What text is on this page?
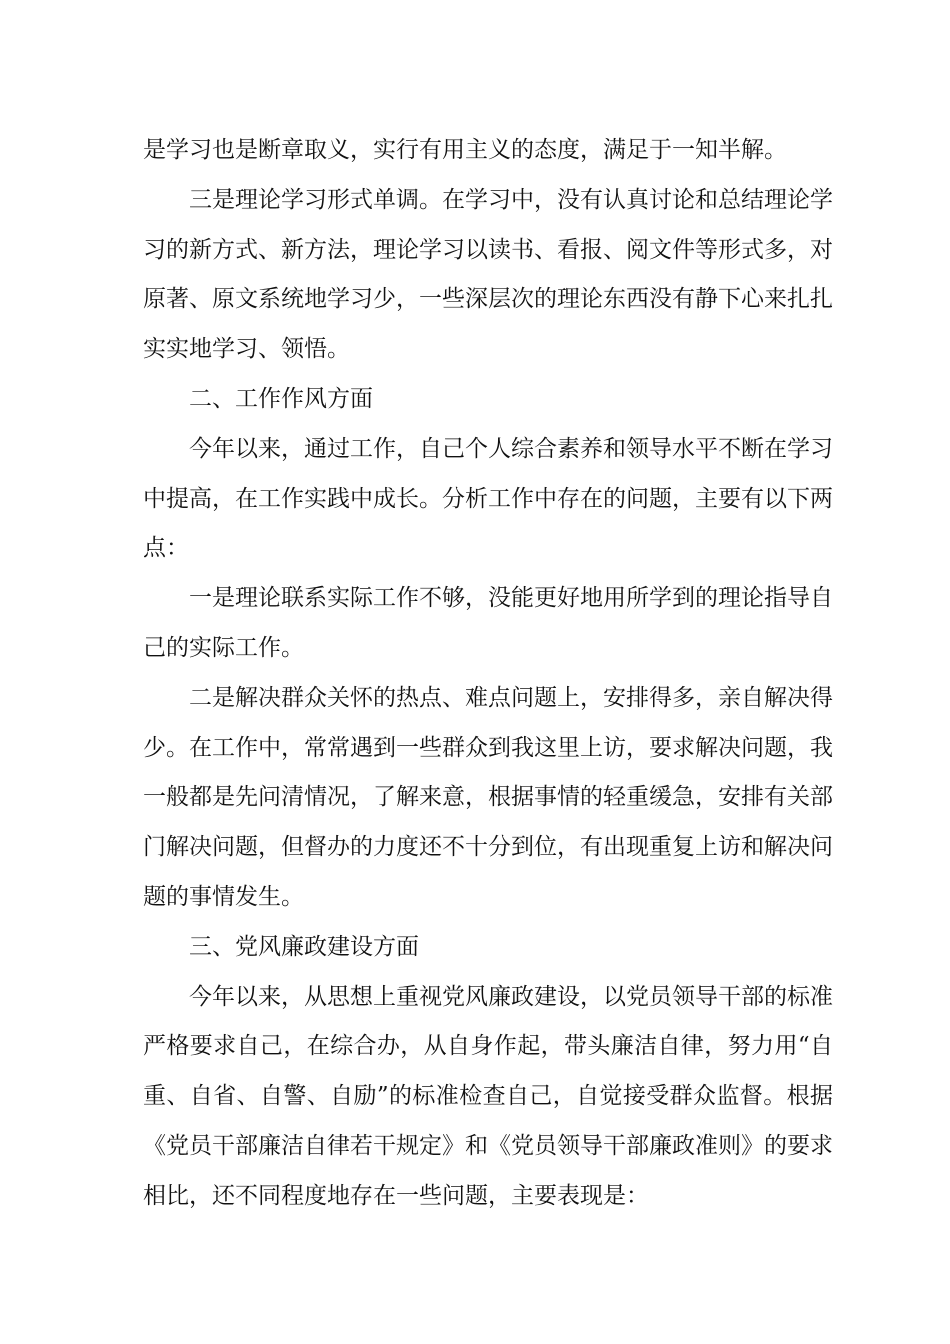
是学习也是断章取义，实行有用主义的态度，满足于一知半解。

三是理论学习形式单调。在学习中，没有认真讨论和总结理论学习的新方式、新方法，理论学习以读书、看报、阅文件等形式多，对原著、原文系统地学习少，一些深层次的理论东西没有静下心来扎扎实实地学习、领悟。

二、工作作风方面

今年以来，通过工作，自己个人综合素养和领导水平不断在学习中提高，在工作实践中成长。分析工作中存在的问题，主要有以下两点：

一是理论联系实际工作不够，没能更好地用所学到的理论指导自己的实际工作。

二是解决群众关怀的热点、难点问题上，安排得多，亲自解决得少。在工作中，常常遇到一些群众到我这里上访，要求解决问题，我一般都是先问清情况，了解来意，根据事情的轻重缓急，安排有关部门解决问题，但督办的力度还不十分到位，有出现重复上访和解决问题的事情发生。

三、党风廉政建设方面

今年以来，从思想上重视党风廉政建设，以党员领导干部的标准严格要求自己，在综合办，从自身作起，带头廉洁自律，努力用“自重、自省、自警、自励”的标准检查自己，自觉接受群众监督。根据《党员干部廉洁自律若干规定》和《党员领导干部廉政准则》的要求相比，还不同程度地存在一些问题，主要表现是：
